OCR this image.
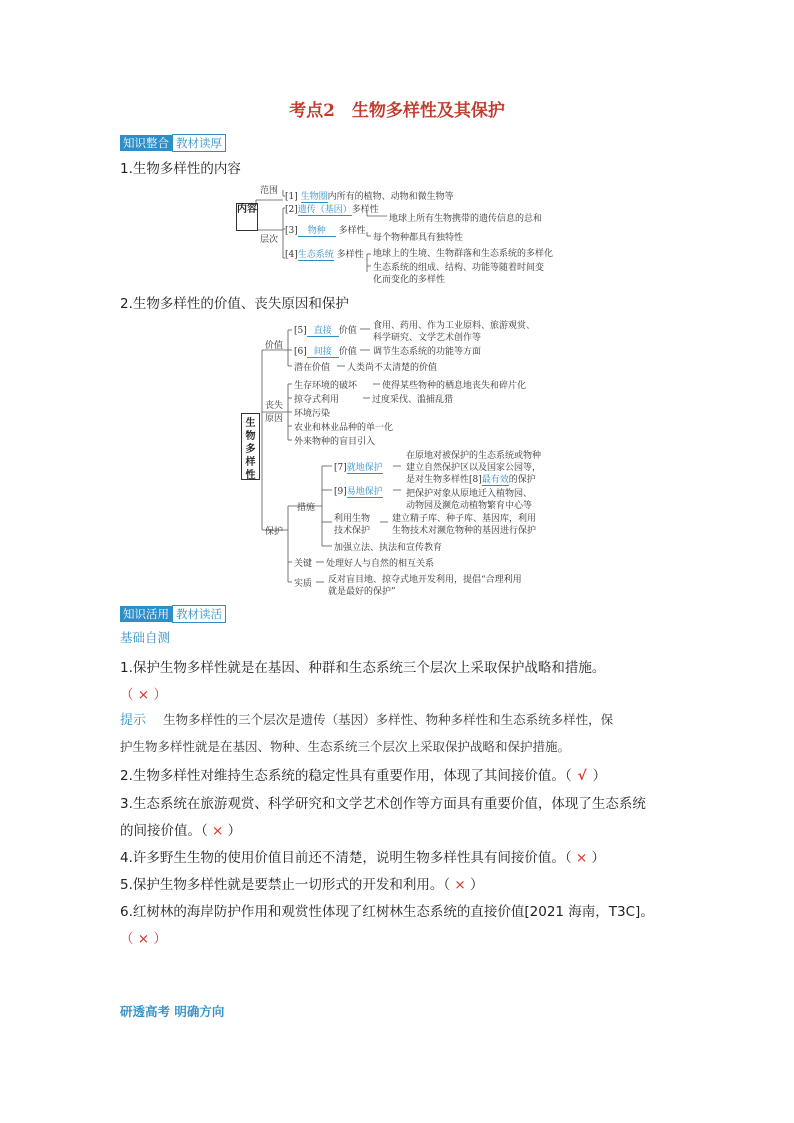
考点2　生物多样性及其保护
知识整合 教材读厚
1.生物多样性的内容
内容
范围
层次
[1] 生物圈内所有的植物、动物和微生物等
[2]遗传（基因）多样性
地球上所有生物携带的遗传信息的总和
[3] 物种 多样性
每个物种都具有独特性
[4]生态系统 多样性 地球上的生境、生物群落和生态系统的多样化
生态系统的组成、结构、功能等随着时间变
化而变化的多样性
2.生物多样性的价值、丧失原因和保护
生物多样性
价值
[5] 直接 价值 食用、药用、作为工业原料、旅游观赏、
科学研究、文学艺术创作等
[6] 间接 价值 调节生态系统的功能等方面
潜在价值 人类尚不太清楚的价值
丧失原因
生存环境的破坏	使得某些物种的栖息地丧失和碎片化
掠夺式利用	过度采伐、滥捕乱猎
环境污染
农业和林业品种的单一化
外来物种的盲目引入
保护
措施
[7]就地保护
在原地对被保护的生态系统或物种
建立自然保护区以及国家公园等，
是对生物多样性[8]最有效的保护
[9]易地保护	把保护对象从原地迁入植物园、
动物园及濒危动植物繁育中心等
利用生物
技术保护
建立精子库、种子库、基因库，利用
生物技术对濒危物种的基因进行保护
加强立法、执法和宣传教育
关键 处理好人与自然的相互关系
实质 反对盲目地、掠夺式地开发利用，提倡“合理利用
就是最好的保护”
知识活用 教材读活
基础自测
1.保护生物多样性就是在基因、种群和生态系统三个层次上采取保护战略和措施。
（ × ）
提示 生物多样性的三个层次是遗传（基因）多样性、物种多样性和生态系统多样性，保
护生物多样性就是在基因、物种、生态系统三个层次上采取保护战略和保护措施。
2.生物多样性对维持生态系统的稳定性具有重要作用，体现了其间接价值。（ √ ）
3.生态系统在旅游观赏、科学研究和文学艺术创作等方面具有重要价值，体现了生态系统
的间接价值。（ × ）
4.许多野生生物的使用价值目前还不清楚，说明生物多样性具有间接价值。（ × ）
5.保护生物多样性就是要禁止一切形式的开发和利用。（ × ）
6.红树林的海岸防护作用和观赏性体现了红树林生态系统的直接价值[2021 海南，T3C]。
（ × ）
研透高考 明确方向
